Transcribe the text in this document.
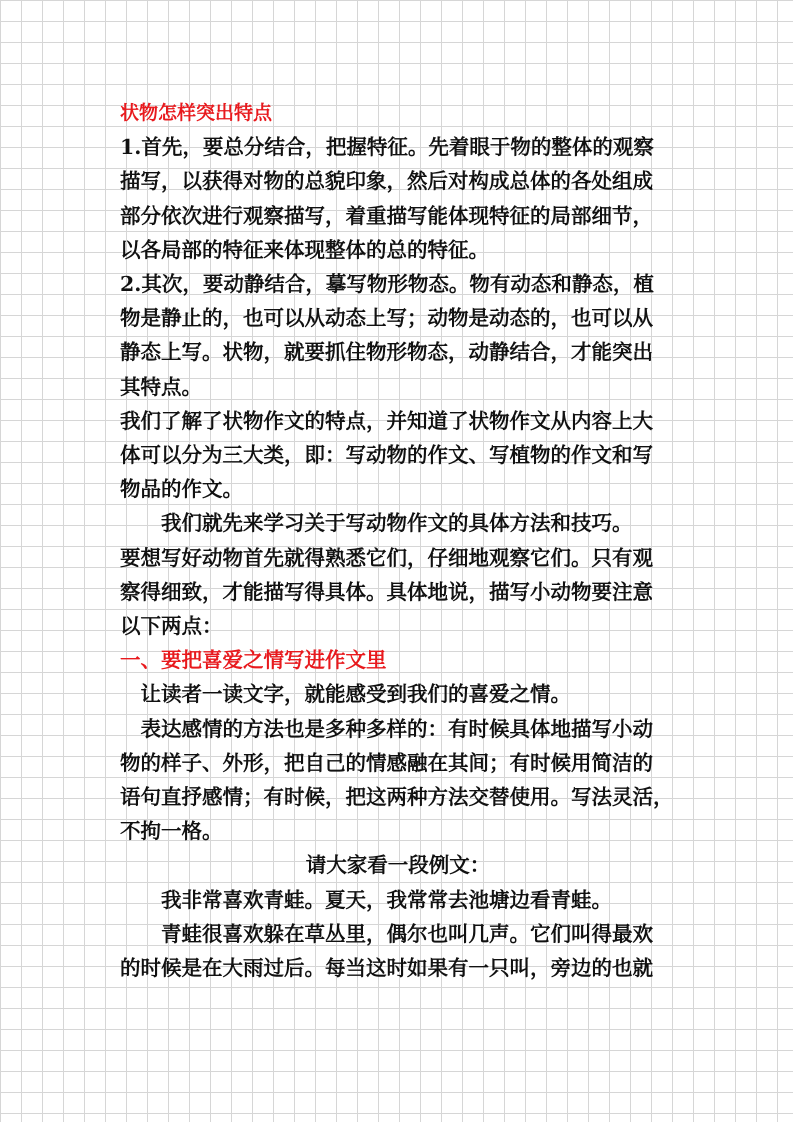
状物怎样突出特点

1.首先，要总分结合，把握特征。先着眼于物的整体的观察

描写，以获得对物的总貌印象，然后对构成总体的各处组成

部分依次进行观察描写，着重描写能体现特征的局部细节，

以各局部的特征来体现整体的总的特征。

2.其次，要动静结合，摹写物形物态。物有动态和静态，植

物是静止的，也可以从动态上写；动物是动态的，也可以从

静态上写。状物，就要抓住物形物态，动静结合，才能突出

其特点。

我们了解了状物作文的特点，并知道了状物作文从内容上大

体可以分为三大类，即：写动物的作文、写植物的作文和写

物品的作文。

我们就先来学习关于写动物作文的具体方法和技巧。

要想写好动物首先就得熟悉它们，仔细地观察它们。只有观

察得细致，才能描写得具体。具体地说，描写小动物要注意

以下两点：

一、要把喜爱之情写进作文里

让读者一读文字，就能感受到我们的喜爱之情。

表达感情的方法也是多种多样的：有时候具体地描写小动

物的样子、外形，把自己的情感融在其间；有时候用简洁的

语句直抒感情；有时候，把这两种方法交替使用。写法灵活，

不拘一格。

请大家看一段例文：

我非常喜欢青蛙。夏天，我常常去池塘边看青蛙。

青蛙很喜欢躲在草丛里，偶尔也叫几声。它们叫得最欢

的时候是在大雨过后。每当这时如果有一只叫，旁边的也就
